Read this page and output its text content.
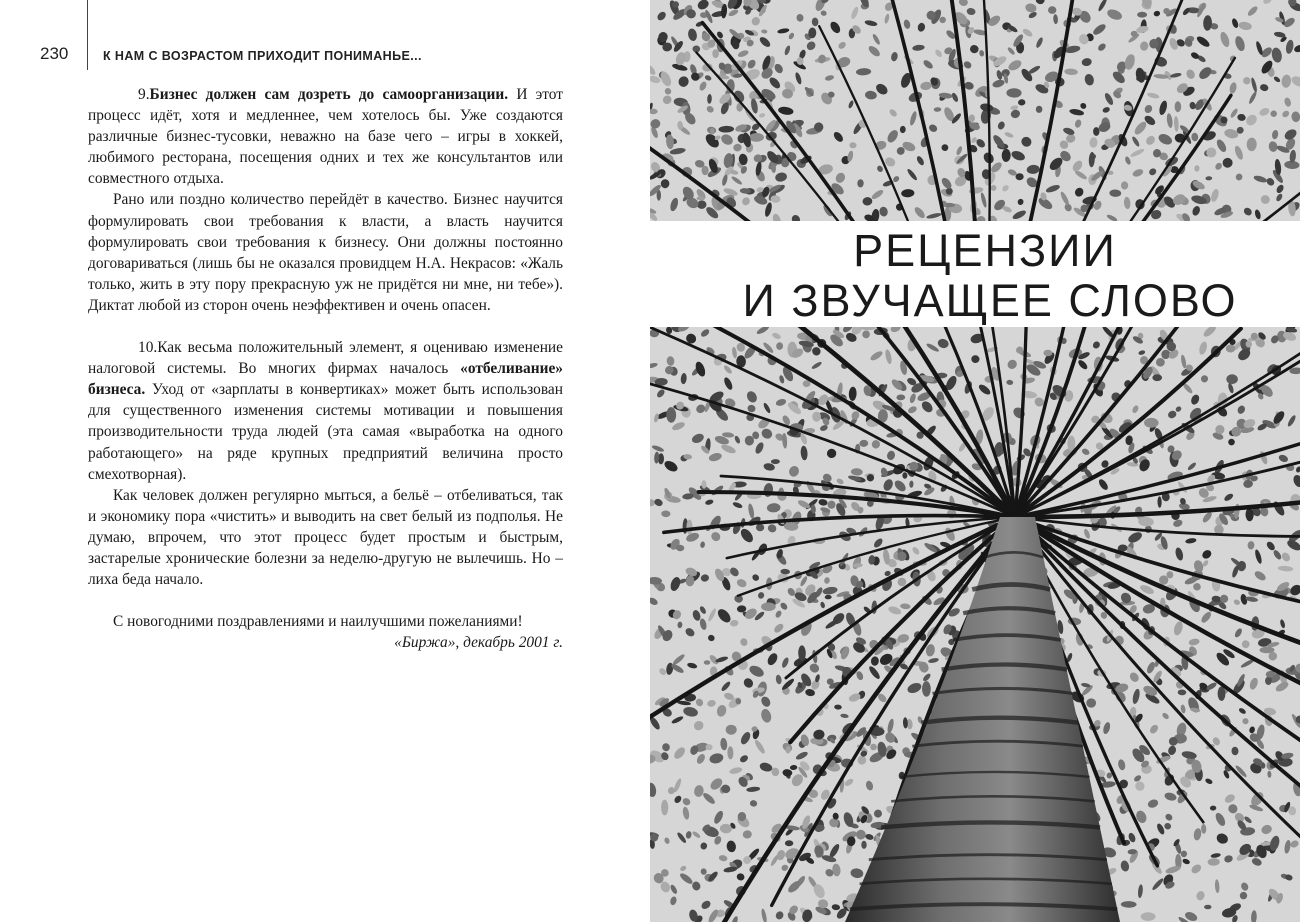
230	К НАМ С ВОЗРАСТОМ ПРИХОДИТ ПОНИМАНЬЕ...

9.Бизнес должен сам дозреть до самоорганизации. И этот процесс идёт, хотя и медленнее, чем хотелось бы. Уже создаются различные бизнес-тусовки, неважно на базе чего – игры в хоккей, любимого ресторана, посещения одних и тех же консультантов или совместного отдыха.

Рано или поздно количество перейдёт в качество. Бизнес научится формулировать свои требования к власти, а власть научится формулировать свои требования к бизнесу. Они должны постоянно договариваться (лишь бы не оказался провидцем Н.А. Некрасов: «Жаль только, жить в эту пору прекрасную уж не придётся ни мне, ни тебе»). Диктат любой из сторон очень неэффективен и очень опасен.

10.Как весьма положительный элемент, я оцениваю изменение налоговой системы. Во многих фирмах началось «отбеливание» бизнеса. Уход от «зарплаты в конвертиках» может быть использован для существенного изменения системы мотивации и повышения производительности труда людей (эта самая «выработка на одного работающего» на ряде крупных предприятий величина просто смехотворная).

Как человек должен регулярно мыться, а бельё – отбеливаться, так и экономику пора «чистить» и выводить на свет белый из подполья. Не думаю, впрочем, что этот процесс будет простым и быстрым, застарелые хронические болезни за неделю-другую не вылечишь. Но – лиха беда начало.

С новогодними поздравлениями и наилучшими пожеланиями!

«Биржа», декабрь 2001 г.

РЕЦЕНЗИИ
И ЗВУЧАЩЕЕ СЛОВО
